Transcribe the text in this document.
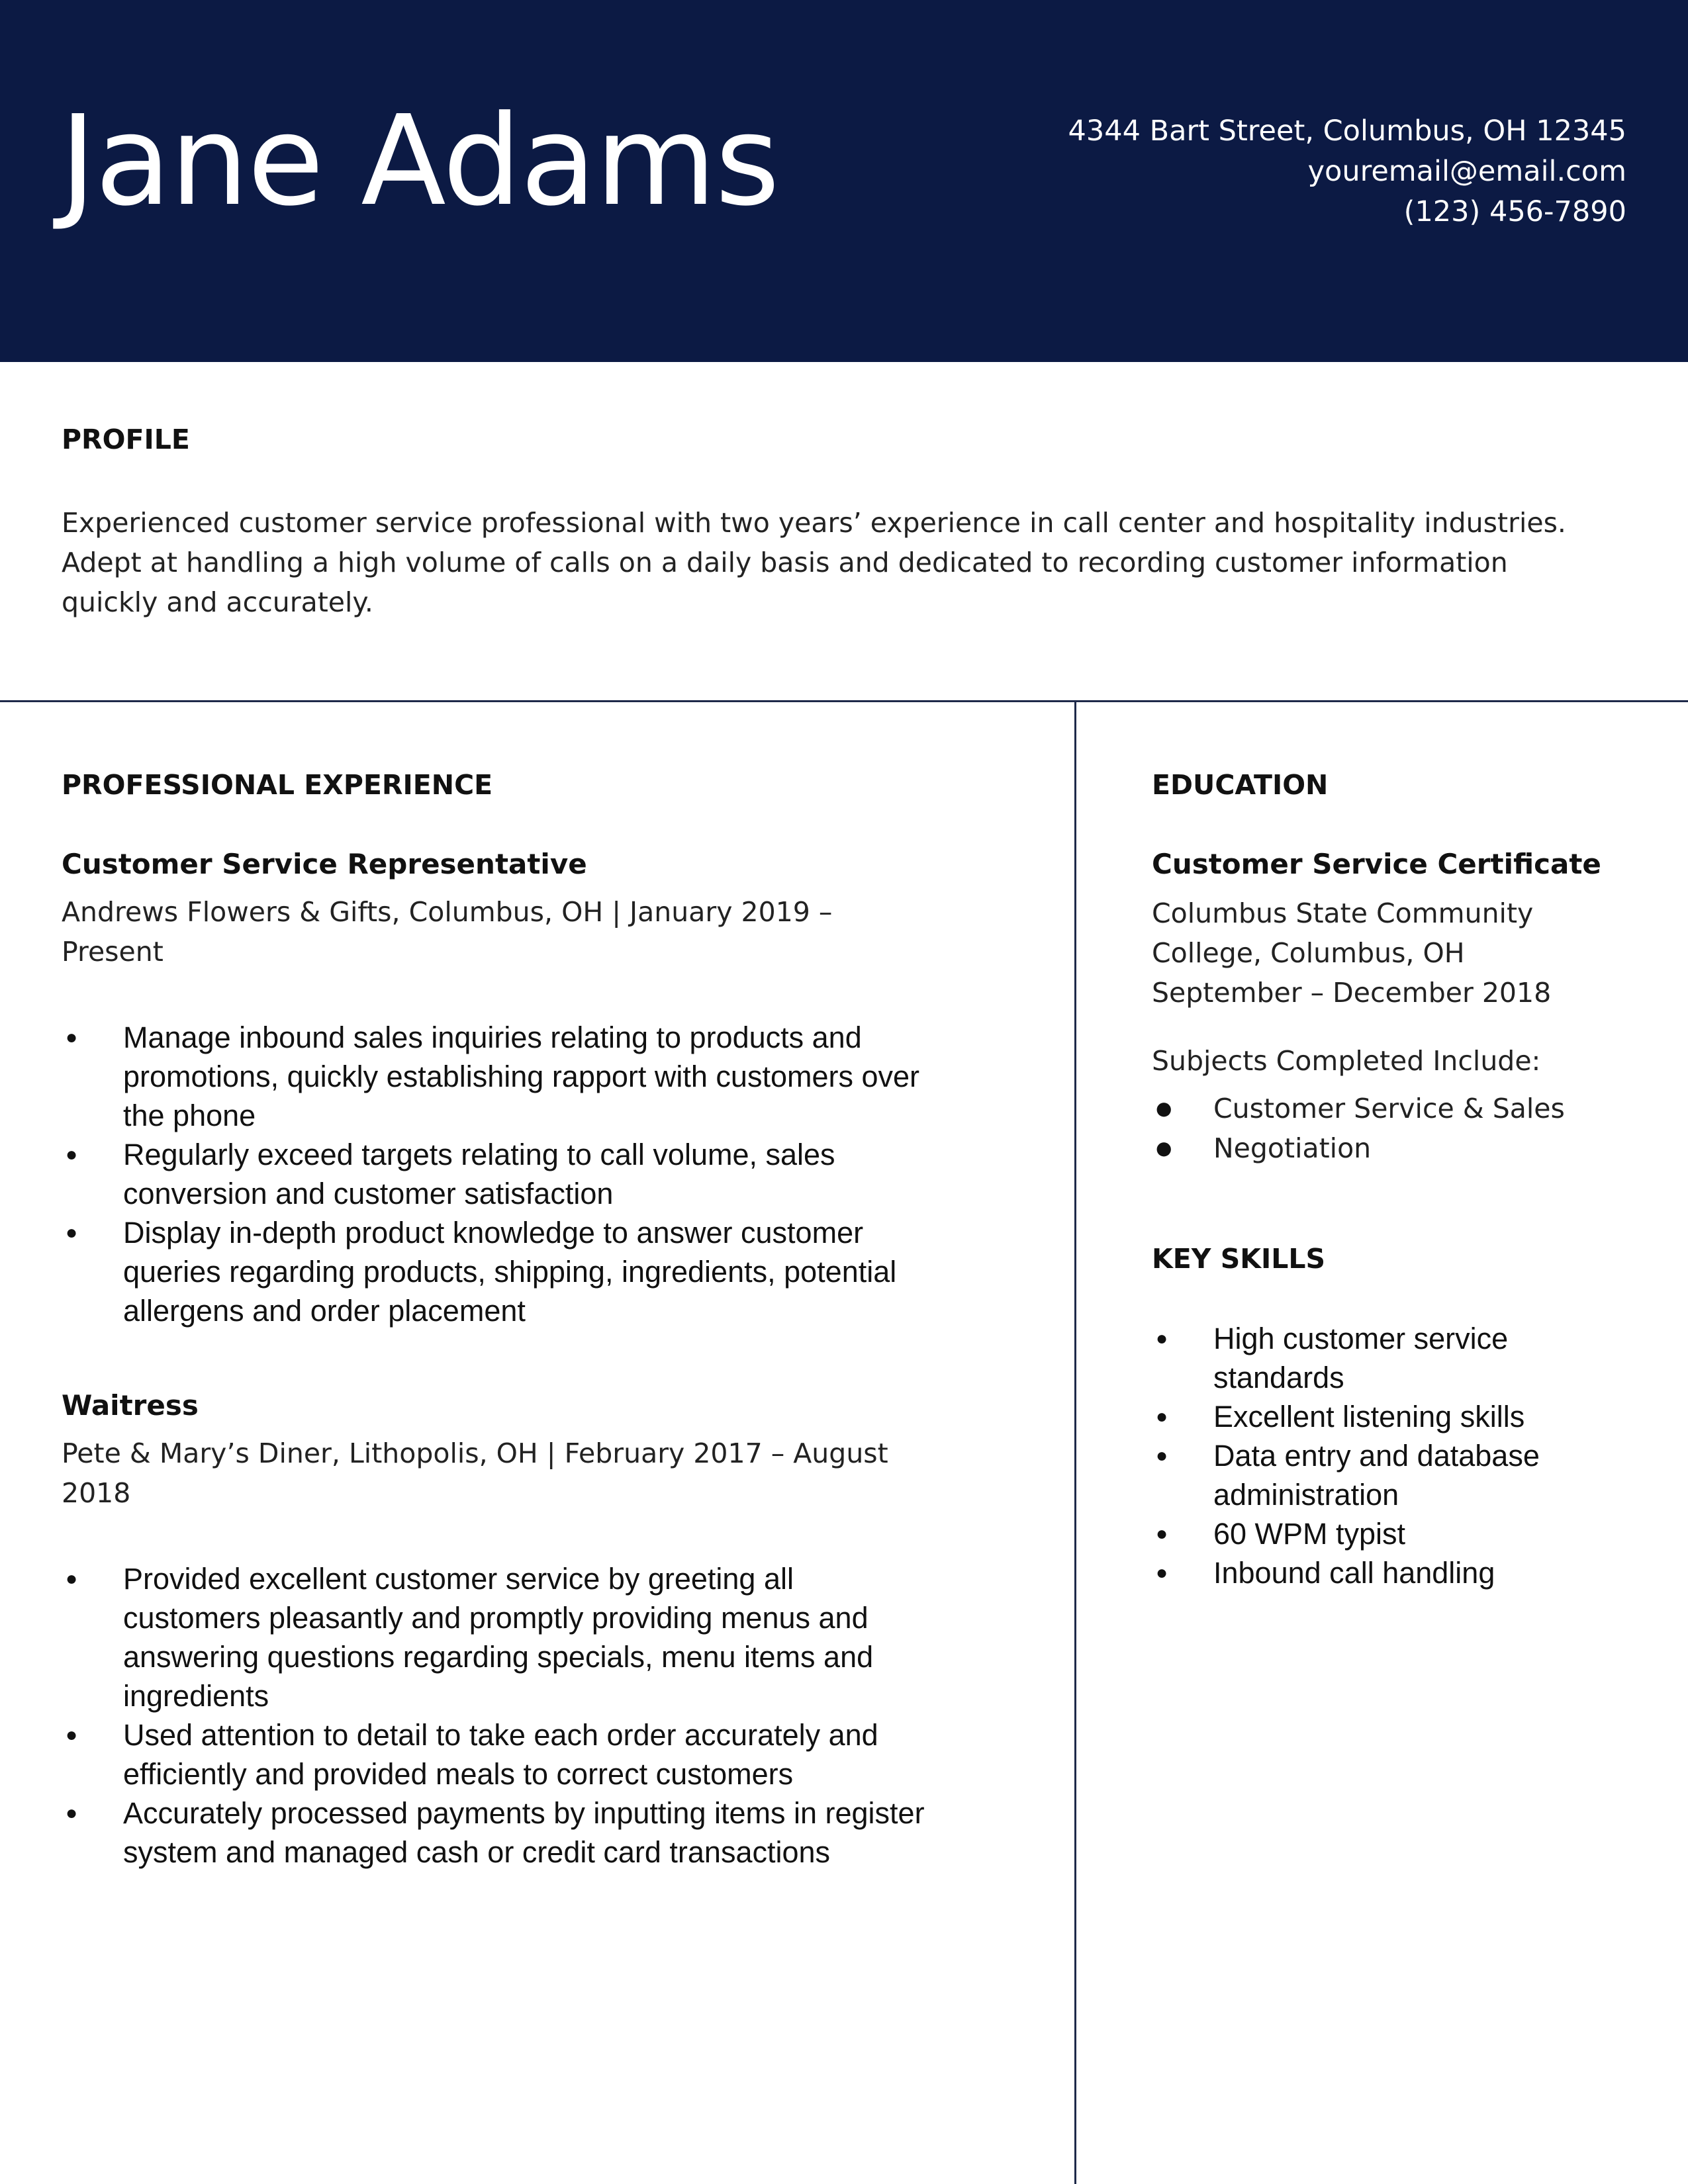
Jane Adams	4344 Bart Street, Columbus, OH 12345
youremail@email.com
(123) 456-7890
PROFILE

Experienced customer service professional with two years’ experience in call center and hospitality industries. Adept at handling a high volume of calls on a daily basis and dedicated to recording customer information quickly and accurately.

PROFESSIONAL EXPERIENCE
Customer Service Representative

Andrews Flowers & Gifts, Columbus, OH | January 2019 – Present

● Manage inbound sales inquiries relating to products and promotions, quickly establishing rapport with customers over the phone
● Regularly exceed targets relating to call volume, sales conversion and customer satisfaction
● Display in-depth product knowledge to answer customer queries regarding products, shipping, ingredients, potential allergens and order placement
Waitress

Pete & Mary’s Diner, Lithopolis, OH | February 2017 – August 2018

● Provided excellent customer service by greeting all customers pleasantly and promptly providing menus and answering questions regarding specials, menu items and ingredients
● Used attention to detail to take each order accurately and efficiently and provided meals to correct customers
● Accurately processed payments by inputting items in register system and managed cash or credit card transactions
EDUCATION
Customer Service Certificate

Columbus State Community College, Columbus, OH

September – December 2018

Subjects Completed Include:

● Customer Service & Sales
● Negotiation
KEY SKILLS
● High customer service standards
● Excellent listening skills
● Data entry and database administration
● 60 WPM typist
● Inbound call handling
